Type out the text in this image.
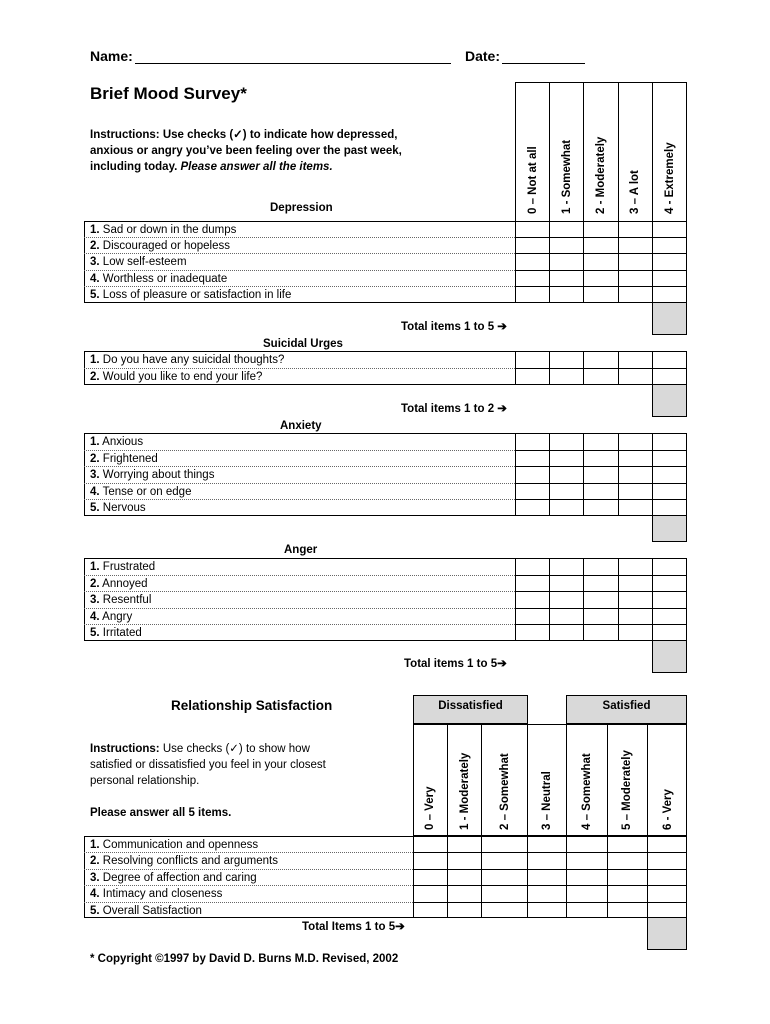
Name:	Date:
Brief Mood Survey*
Instructions: Use checks (✓) to indicate how depressed,
anxious or angry you’ve been feeling over the past week,
including today. Please answer all the items.	0 – Not at all 1 - Somewhat 2 - Moderately 3 – A lot 4 - Extremely
Depression
1. Sad or down in the dumps
2. Discouraged or hopeless
3. Low self-esteem
4. Worthless or inadequate
5. Loss of pleasure or satisfaction in life
Total items 1 to 5 ➔
Suicidal Urges
1. Do you have any suicidal thoughts?
2. Would you like to end your life?
Total items 1 to 2 ➔
Anxiety
1. Anxious
2. Frightened
3. Worrying about things
4. Tense or on edge
5. Nervous
Anger
1. Frustrated
2. Annoyed
3. Resentful
4. Angry
5. Irritated
Total items 1 to 5➔
Relationship Satisfaction	Dissatisfied	Satisfied
Instructions: Use checks (✓) to show how
satisfied or dissatisfied you feel in your closest
personal relationship.
Please answer all 5 items.	0 – Very 1 - Moderately 2 – Somewhat	3 – Neutral 4 – Somewhat 5 – Moderately	6 - Very
1. Communication and openness
2. Resolving conflicts and arguments
3. Degree of affection and caring
4. Intimacy and closeness
5. Overall Satisfaction
Total Items 1 to 5➔
* Copyright ©1997 by David D. Burns M.D. Revised, 2002
